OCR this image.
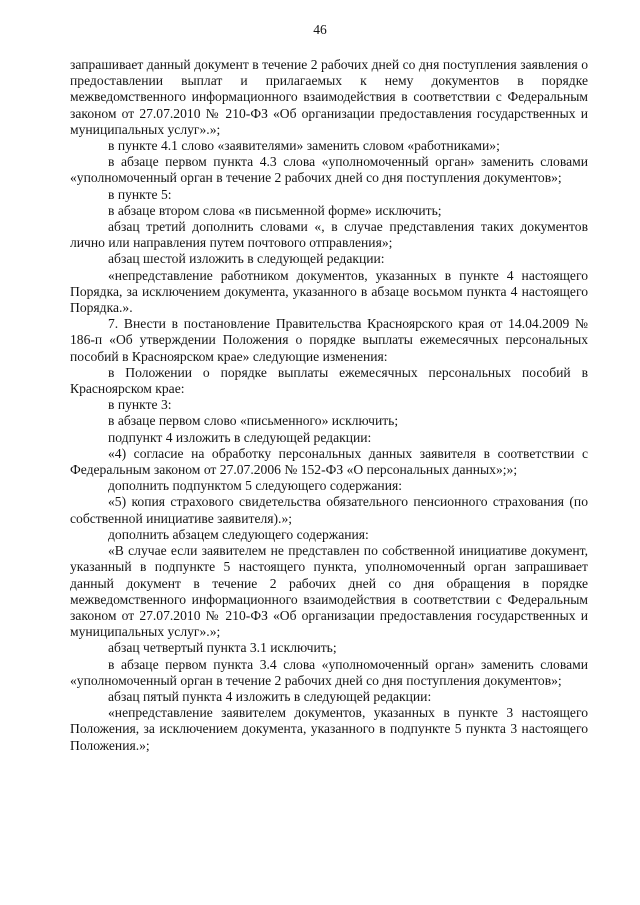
46

запрашивает данный документ в течение 2 рабочих дней со дня поступления заявления о предоставлении выплат и прилагаемых к нему документов в порядке межведомственного информационного взаимодействия в соответствии с Федеральным законом от 27.07.2010 № 210-ФЗ «Об организации предоставления государственных и муниципальных услуг».»;

в пункте 4.1 слово «заявителями» заменить словом «работниками»;

в абзаце первом пункта 4.3 слова «уполномоченный орган» заменить словами «уполномоченный орган в течение 2 рабочих дней со дня поступления документов»;

в пункте 5:

в абзаце втором слова «в письменной форме» исключить;

абзац третий дополнить словами «, в случае представления таких документов лично или направления путем почтового отправления»;

абзац шестой изложить в следующей редакции:

«непредставление работником документов, указанных в пункте 4 настоящего Порядка, за исключением документа, указанного в абзаце восьмом пункта 4 настоящего Порядка.».

7. Внести в постановление Правительства Красноярского края от 14.04.2009 № 186-п «Об утверждении Положения о порядке выплаты ежемесячных персональных пособий в Красноярском крае» следующие изменения:

в Положении о порядке выплаты ежемесячных персональных пособий в Красноярском крае:

в пункте 3:

в абзаце первом слово «письменного» исключить;

подпункт 4 изложить в следующей редакции:

«4) согласие на обработку персональных данных заявителя в соответствии с Федеральным законом от 27.07.2006 № 152-ФЗ «О персональных данных»;»;

дополнить подпунктом 5 следующего содержания:

«5) копия страхового свидетельства обязательного пенсионного страхования (по собственной инициативе заявителя).»;

дополнить абзацем следующего содержания:

«В случае если заявителем не представлен по собственной инициативе документ, указанный в подпункте 5 настоящего пункта, уполномоченный орган запрашивает данный документ в течение 2 рабочих дней со дня обращения в порядке межведомственного информационного взаимодействия в соответствии с Федеральным законом от 27.07.2010 № 210-ФЗ «Об организации предоставления государственных и муниципальных услуг».»;

абзац четвертый пункта 3.1 исключить;

в абзаце первом пункта 3.4 слова «уполномоченный орган» заменить словами «уполномоченный орган в течение 2 рабочих дней со дня поступления документов»;

абзац пятый пункта 4 изложить в следующей редакции:

«непредставление заявителем документов, указанных в пункте 3 настоящего Положения, за исключением документа, указанного в подпункте 5 пункта 3 настоящего Положения.»;
